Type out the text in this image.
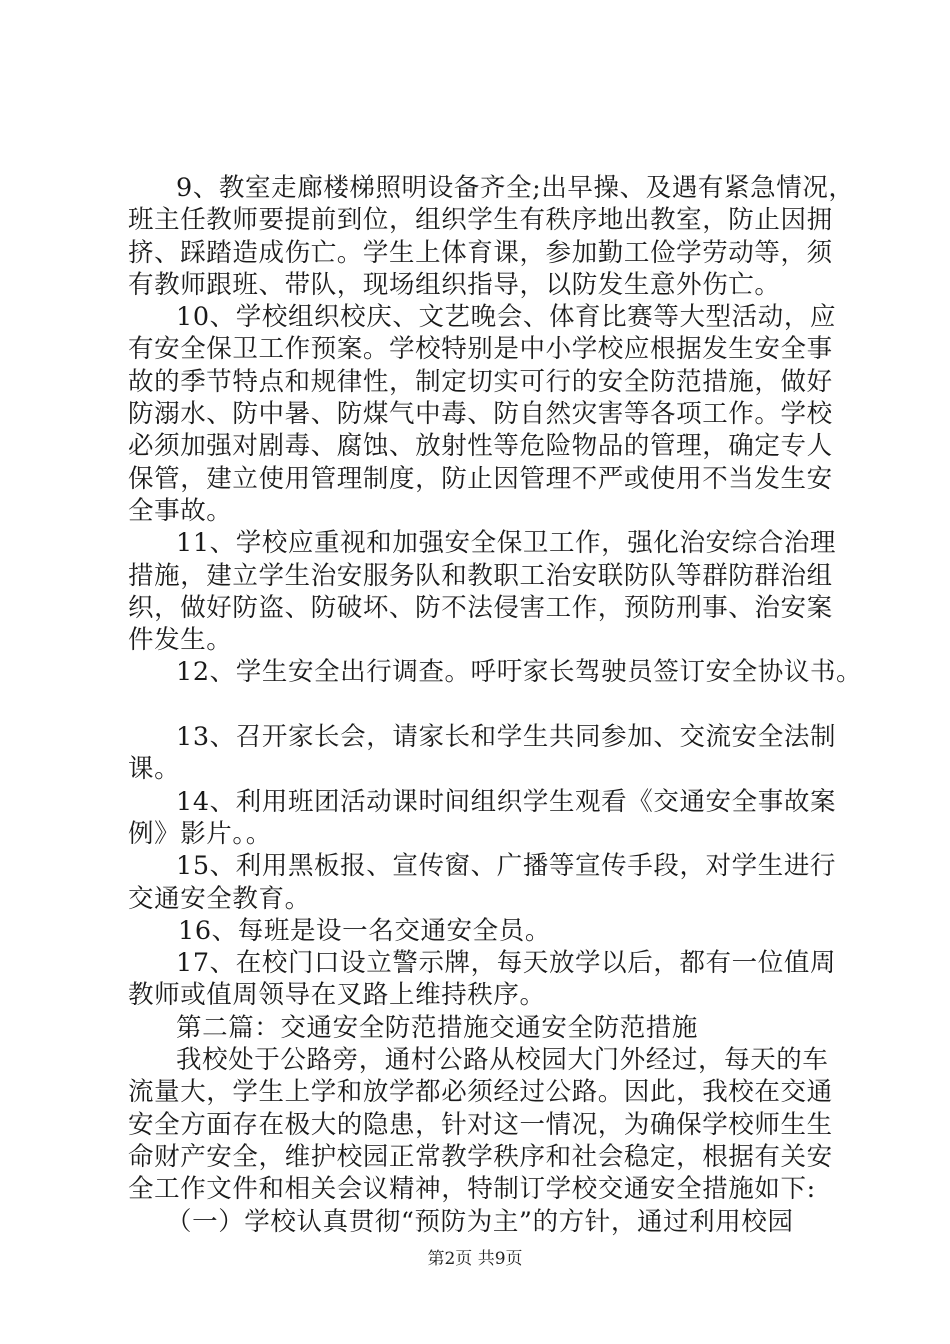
9、教室走廊楼梯照明设备齐全;出早操、及遇有紧急情况，
班主任教师要提前到位，组织学生有秩序地出教室，防止因拥
挤、踩踏造成伤亡。学生上体育课，参加勤工俭学劳动等，须
有教师跟班、带队，现场组织指导，以防发生意外伤亡。
10、学校组织校庆、文艺晚会、体育比赛等大型活动，应
有安全保卫工作预案。学校特别是中小学校应根据发生安全事
故的季节特点和规律性，制定切实可行的安全防范措施，做好
防溺水、防中暑、防煤气中毒、防自然灾害等各项工作。学校
必须加强对剧毒、腐蚀、放射性等危险物品的管理，确定专人
保管，建立使用管理制度，防止因管理不严或使用不当发生安
全事故。
11、学校应重视和加强安全保卫工作，强化治安综合治理
措施，建立学生治安服务队和教职工治安联防队等群防群治组
织，做好防盗、防破坏、防不法侵害工作，预防刑事、治安案
件发生。
12、学生安全出行调查。呼吁家长驾驶员签订安全协议书。
13、召开家长会，请家长和学生共同参加、交流安全法制
课。
14、利用班团活动课时间组织学生观看《交通安全事故案
例》影片。。
15、利用黑板报、宣传窗、广播等宣传手段，对学生进行
交通安全教育。
16、每班是设一名交通安全员。
17、在校门口设立警示牌，每天放学以后，都有一位值周
教师或值周领导在叉路上维持秩序。
第二篇：交通安全防范措施交通安全防范措施
我校处于公路旁，通村公路从校园大门外经过，每天的车
流量大，学生上学和放学都必须经过公路。因此，我校在交通
安全方面存在极大的隐患，针对这一情况，为确保学校师生生
命财产安全，维护校园正常教学秩序和社会稳定，根据有关安
全工作文件和相关会议精神，特制订学校交通安全措施如下:
（一）学校认真贯彻“预防为主”的方针，通过利用校园
第2页 共9页
